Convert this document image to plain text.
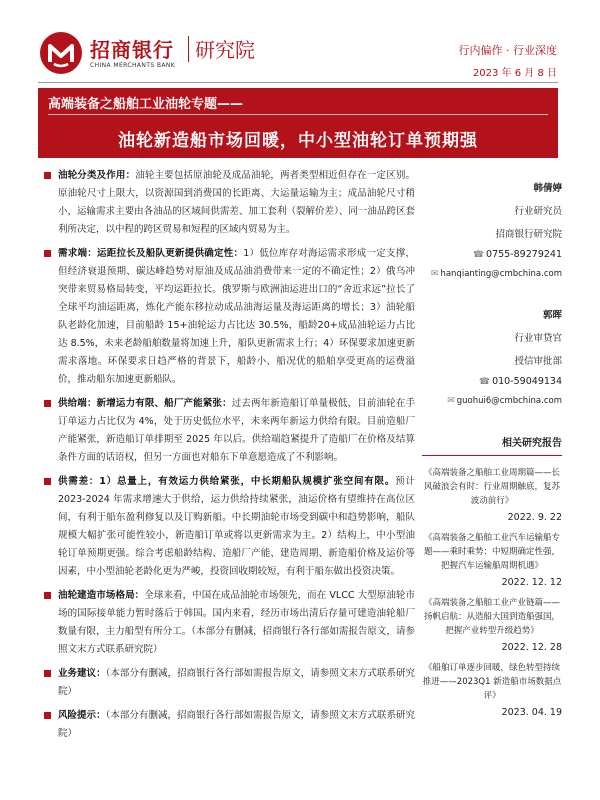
招商银行
CHINA MERCHANTS BANK
研究院	行内偏作 · 行业深度
2023 年 6 月 8 日
高端装备之船舶工业油轮专题——
油轮新造船市场回暖，中小型油轮订单预期强
油轮分类及作用：油轮主要包括原油轮及成品油轮，两者类型相近但存在一定区别。原油轮尺寸上限大，以资源国到消费国的长距离、大运量运输为主；成品油轮尺寸稍小，运输需求主要由各油品的区域间供需差、加工套利（裂解价差）、同一油品跨区套利所决定，以中程的跨区贸易和短程的区域内贸易为主。
需求端：运距拉长及船队更新提供确定性：1）低位库存对海运需求形成一定支撑，但经济衰退预期、碳达峰趋势对原油及成品油消费带来一定的不确定性；2）俄乌冲突带来贸易格局转变，平均运距拉长。俄罗斯与欧洲油运进出口的“舍近求远”拉长了全球平均油运距离，炼化产能东移拉动成品油海运量及海运距离的增长；3）油轮船队老龄化加速，目前船龄 15+油轮运力占比达 30.5%，船龄20+成品油轮运力占比达 8.5%，未来老龄船舶数量将加速上升，船队更新需求上行；4）环保要求加速更新需求落地。环保要求日趋严格的背景下，船龄小、船况优的船舶享受更高的运费溢价，推动船东加速更新船队。
供给端：新增运力有限、船厂产能紧张：过去两年新造船订单量极低，目前油轮在手订单运力占比仅为 4%，处于历史低位水平，未来两年新运力供给有限。目前造船厂产能紧张，新造船订单排期至 2025 年以后。供给端趋紧提升了造船厂在价格及结算条件方面的话语权，但另一方面也对船东下单意愿造成了不利影响。
供需差：1）总量上，有效运力供给紧张，中长期船队规模扩张空间有限。预计 2023-2024 年需求增速大于供给，运力供给持续紧张，油运价格有望维持在高位区间，有利于船东盈利修复以及订购新船。中长期油轮市场受到碳中和趋势影响，船队规模大幅扩张可能性较小，新造船订单或将以更新需求为主。2）结构上，中小型油轮订单预期更强。综合考虑船龄结构、造船厂产能、建造周期、新造船价格及运价等因素，中小型油轮老龄化更为严峻，投资回收期较短，有利于船东做出投资决策。
油轮建造市场格局：全球来看，中国在成品油轮市场领先，而在 VLCC 大型原油轮市场的国际接单能力暂时落后于韩国。国内来看，经历市场出清后存量可建造油轮船厂数量有限，主力船型有所分工。（本部分有删减，招商银行各行部如需报告原文，请参照文末方式联系研究院）
业务建议：（本部分有删减，招商银行各行部如需报告原文，请参照文末方式联系研究院）
风险提示：（本部分有删减，招商银行各行部如需报告原文，请参照文末方式联系研究院）
韩倩婷
行业研究员
招商银行研究院
☎ 0755-89279241
✉ hanqianting@cmbchina.com
郭晖
行业审贷官
授信审批部
☎ 010-59049134
✉ guohui6@cmbchina.com
相关研究报告
《高端装备之船舶工业周期篇——长风破浪会有时：行业周期触底，复苏波动前行》
2022. 9. 22
《高端装备之船舶工业汽车运输船专题——乘时乘势：中短期确定性强，把握汽车运输船周期机遇》
2022. 12. 12
《高端装备之船舶工业产业链篇——扬帆启航：从造船大国到造船强国，把握产业转型升级趋势》
2022. 12. 28
《船舶订单逐步回暖，绿色转型持续推进——2023Q1 新造船市场数据点评》
2023. 04. 19
